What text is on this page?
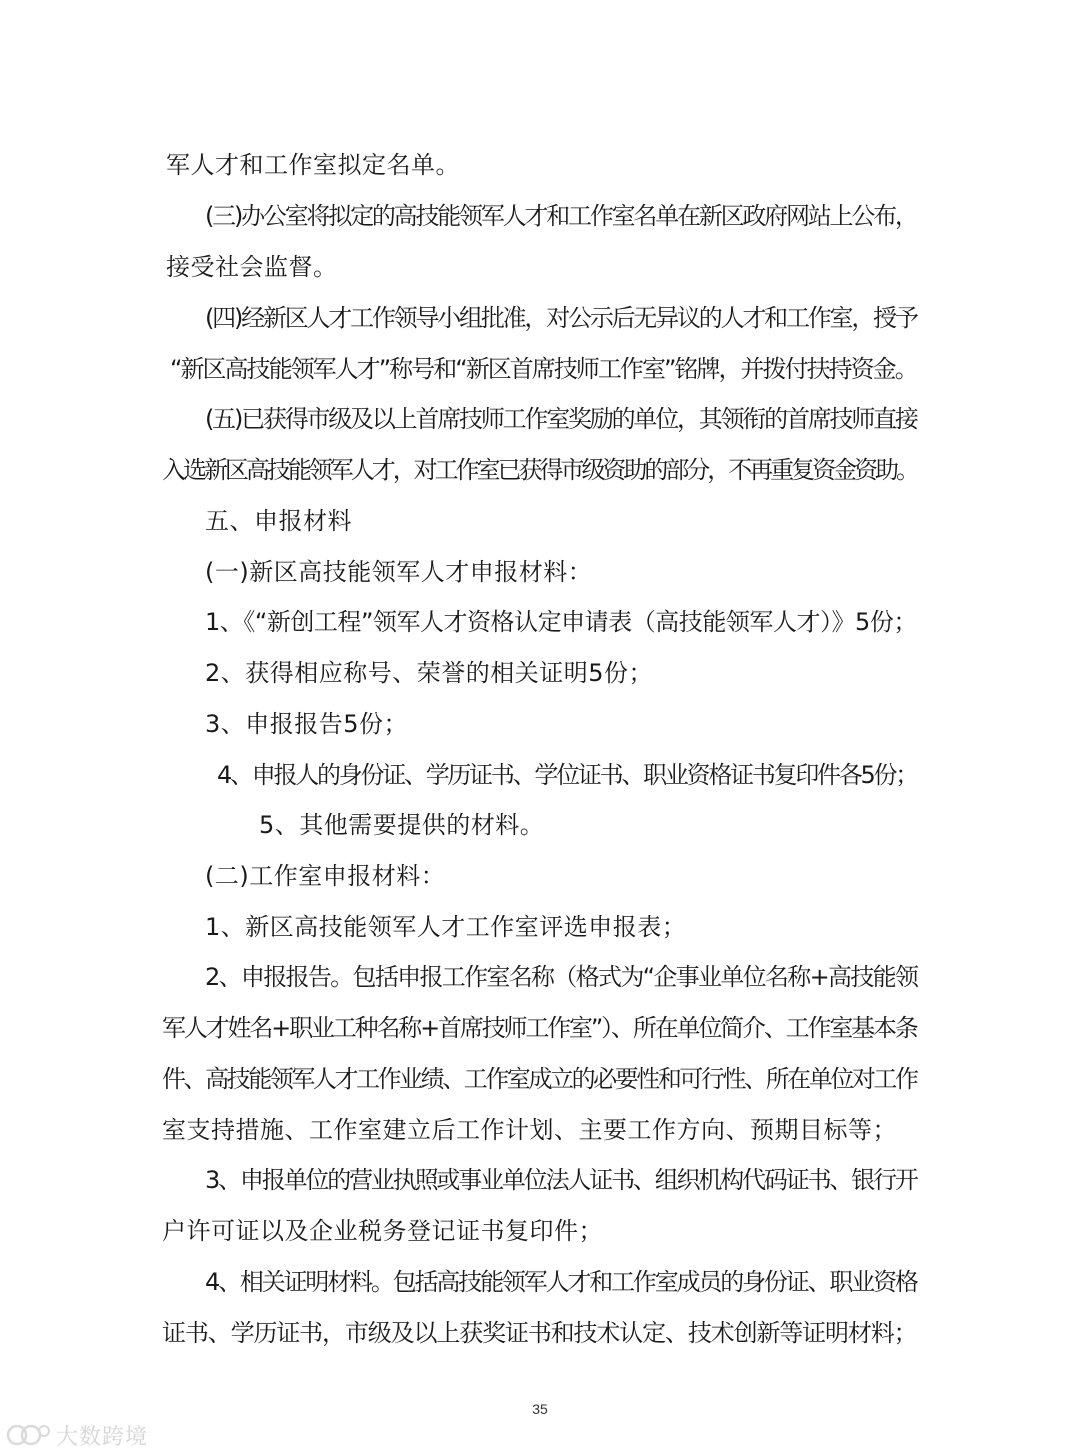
军人才和工作室拟定名单。
(三)办公室将拟定的高技能领军人才和工作室名单在新区政府网站上公布，
接受社会监督。
(四)经新区人才工作领导小组批准，对公示后无异议的人才和工作室，授予
“新区高技能领军人才”称号和“新区首席技师工作室”铭牌，并拨付扶持资金。
(五)已获得市级及以上首席技师工作室奖励的单位，其领衔的首席技师直接
入选新区高技能领军人才，对工作室已获得市级资助的部分，不再重复资金资助。
五、申报材料
(一)新区高技能领军人才申报材料：
1、《“新创工程”领军人才资格认定申请表（高技能领军人才）》5份；
2、获得相应称号、荣誉的相关证明5份；
3、申报报告5份；
4、申报人的身份证、学历证书、学位证书、职业资格证书复印件各5份；
5、其他需要提供的材料。
(二)工作室申报材料：
1、新区高技能领军人才工作室评选申报表；
2、申报报告。包括申报工作室名称（格式为“企事业单位名称+高技能领
军人才姓名+职业工种名称+首席技师工作室”）、所在单位简介、工作室基本条
件、高技能领军人才工作业绩、工作室成立的必要性和可行性、所在单位对工作
室支持措施、工作室建立后工作计划、主要工作方向、预期目标等；
3、申报单位的营业执照或事业单位法人证书、组织机构代码证书、银行开
户许可证以及企业税务登记证书复印件；
4、相关证明材料。包括高技能领军人才和工作室成员的身份证、职业资格
证书、学历证书，市级及以上获奖证书和技术认定、技术创新等证明材料；
35
大数跨境
